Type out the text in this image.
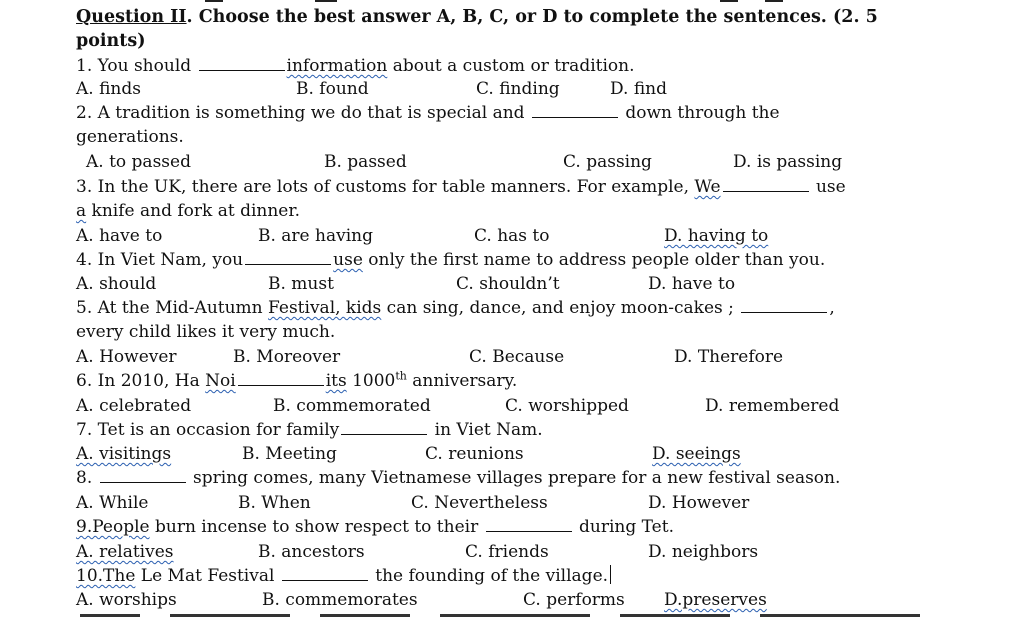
Question II. Choose the best answer A, B, C, or D to complete the sentences. (2. 5
points)
1. You should	information about a custom or tradition.
A. finds	B. found	C. finding	D. find
2. A tradition is something we do that is special and	down through the
generations.
A. to passed	B. passed	C. passing	D. is passing
3. In the UK, there are lots of customs for table manners. For example, We	use
a knife and fork at dinner.
A. have to	B. are having	C. has to	D. having to
4. In Viet Nam, you	use only the first name to address people older than you.
A. should	B. must	C. shouldn’t	D. have to
5. At the Mid-Autumn Festival, kids can sing, dance, and enjoy moon-cakes ;	,
every child likes it very much.
A. However	B. Moreover	C. Because	D. Therefore
6. In 2010, Ha Noi	its 1000th anniversary.
A. celebrated	B. commemorated	C. worshipped	D. remembered
7. Tet is an occasion for family	in Viet Nam.
A. visitings	B. Meeting	C. reunions	D. seeings
8.	spring comes, many Vietnamese villages prepare for a new festival season.
A. While	B. When	C. Nevertheless	D. However
9.People burn incense to show respect to their	during Tet.
A. relatives	B. ancestors	C. friends	D. neighbors
10.The Le Mat Festival	the founding of the village.
A. worships	B. commemorates	C. performs D.preserves
